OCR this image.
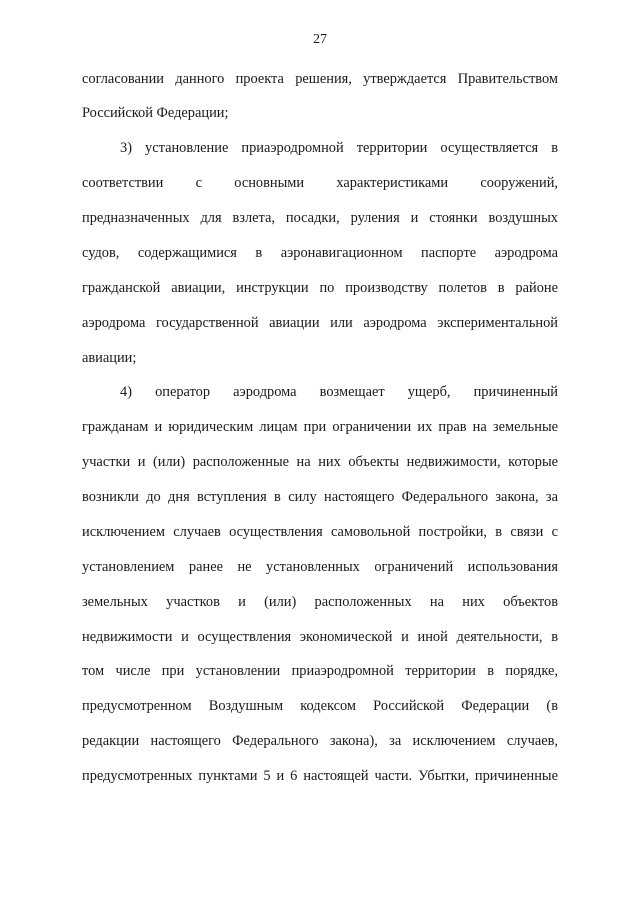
27
согласовании данного проекта решения, утверждается Правительством
Российской Федерации;
3) установление приаэродромной территории осуществляется в
соответствии с основными характеристиками сооружений,
предназначенных для взлета, посадки, руления и стоянки воздушных
судов, содержащимися в аэронавигационном паспорте аэродрома
гражданской авиации, инструкции по производству полетов в районе
аэродрома государственной авиации или аэродрома экспериментальной
авиации;
4) оператор аэродрома возмещает ущерб, причиненный
гражданам и юридическим лицам при ограничении их прав на земельные
участки и (или) расположенные на них объекты недвижимости, которые
возникли до дня вступления в силу настоящего Федерального закона, за
исключением случаев осуществления самовольной постройки, в связи с
установлением ранее не установленных ограничений использования
земельных участков и (или) расположенных на них объектов
недвижимости и осуществления экономической и иной деятельности, в
том числе при установлении приаэродромной территории в порядке,
предусмотренном Воздушным кодексом Российской Федерации (в
редакции настоящего Федерального закона), за исключением случаев,
предусмотренных пунктами 5 и 6 настоящей части. Убытки, причиненные
